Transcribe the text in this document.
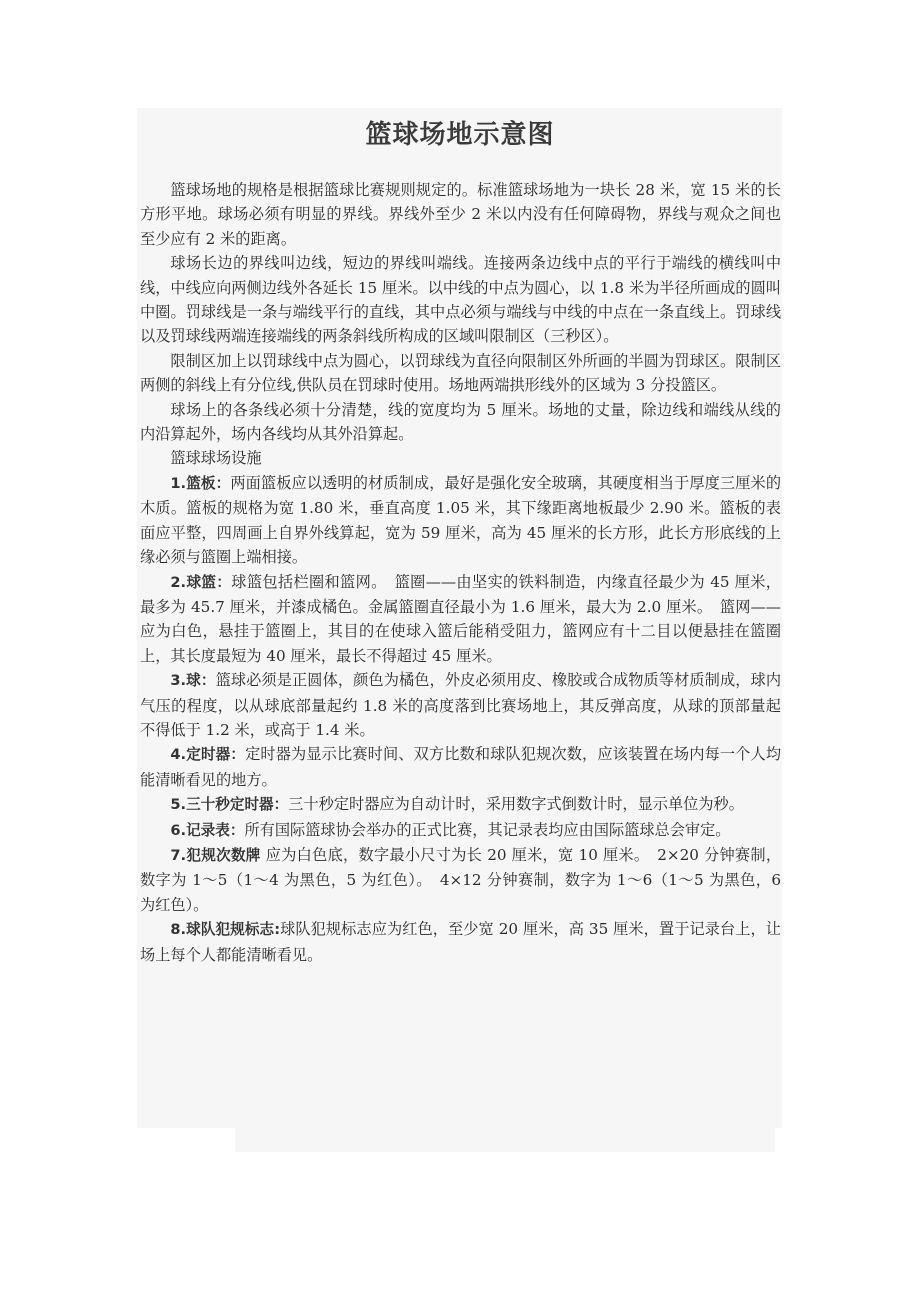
篮球场地示意图

篮球场地的规格是根据篮球比赛规则规定的。标准篮球场地为一块长 28 米，宽 15 米的长方形平地。球场必须有明显的界线。界线外至少 2 米以内没有任何障碍物，界线与观众之间也至少应有 2 米的距离。

球场长边的界线叫边线，短边的界线叫端线。连接两条边线中点的平行于端线的横线叫中线，中线应向两侧边线外各延长 15 厘米。以中线的中点为圆心，以 1.8 米为半径所画成的圆叫中圈。罚球线是一条与端线平行的直线，其中点必须与端线与中线的中点在一条直线上。罚球线以及罚球线两端连接端线的两条斜线所构成的区域叫限制区（三秒区）。

限制区加上以罚球线中点为圆心，以罚球线为直径向限制区外所画的半圆为罚球区。限制区两侧的斜线上有分位线,供队员在罚球时使用。场地两端拱形线外的区域为 3 分投篮区。

球场上的各条线必须十分清楚，线的宽度均为 5 厘米。场地的丈量，除边线和端线从线的内沿算起外，场内各线均从其外沿算起。

篮球球场设施

1.篮板：两面篮板应以透明的材质制成，最好是强化安全玻璃，其硬度相当于厚度三厘米的木质。篮板的规格为宽 1.80 米，垂直高度 1.05 米，其下缘距离地板最少 2.90 米。篮板的表面应平整，四周画上自界外线算起，宽为 59 厘米，高为 45 厘米的长方形，此长方形底线的上缘必须与篮圈上端相接。

2.球篮：球篮包括栏圈和篮网。　篮圈——由坚实的铁料制造，内缘直径最少为 45 厘米，最多为 45.7 厘米，并漆成橘色。金属篮圈直径最小为 1.6 厘米，最大为 2.0 厘米。　篮网——应为白色，悬挂于篮圈上，其目的在使球入篮后能稍受阻力，篮网应有十二目以便悬挂在篮圈上，其长度最短为 40 厘米，最长不得超过 45 厘米。

3.球：篮球必须是正圆体，颜色为橘色，外皮必须用皮、橡胶或合成物质等材质制成，球内气压的程度，以从球底部量起约 1.8 米的高度落到比赛场地上，其反弹高度，从球的顶部量起不得低于 1.2 米，或高于 1.4 米。

4.定时器：定时器为显示比赛时间、双方比数和球队犯规次数，应该装置在场内每一个人均能清晰看见的地方。

5.三十秒定时器：三十秒定时器应为自动计时，采用数字式倒数计时，显示单位为秒。

6.记录表：所有国际篮球协会举办的正式比赛，其记录表均应由国际篮球总会审定。

7.犯规次数牌 应为白色底，数字最小尺寸为长 20 厘米，宽 10 厘米。　2×20 分钟赛制，数字为 1～5（1～4 为黑色，5 为红色）。　4×12 分钟赛制，数字为 1～6（1～5 为黑色，6 为红色）。

8.球队犯规标志:球队犯规标志应为红色，至少宽 20 厘米，高 35 厘米，置于记录台上，让场上每个人都能清晰看见。
